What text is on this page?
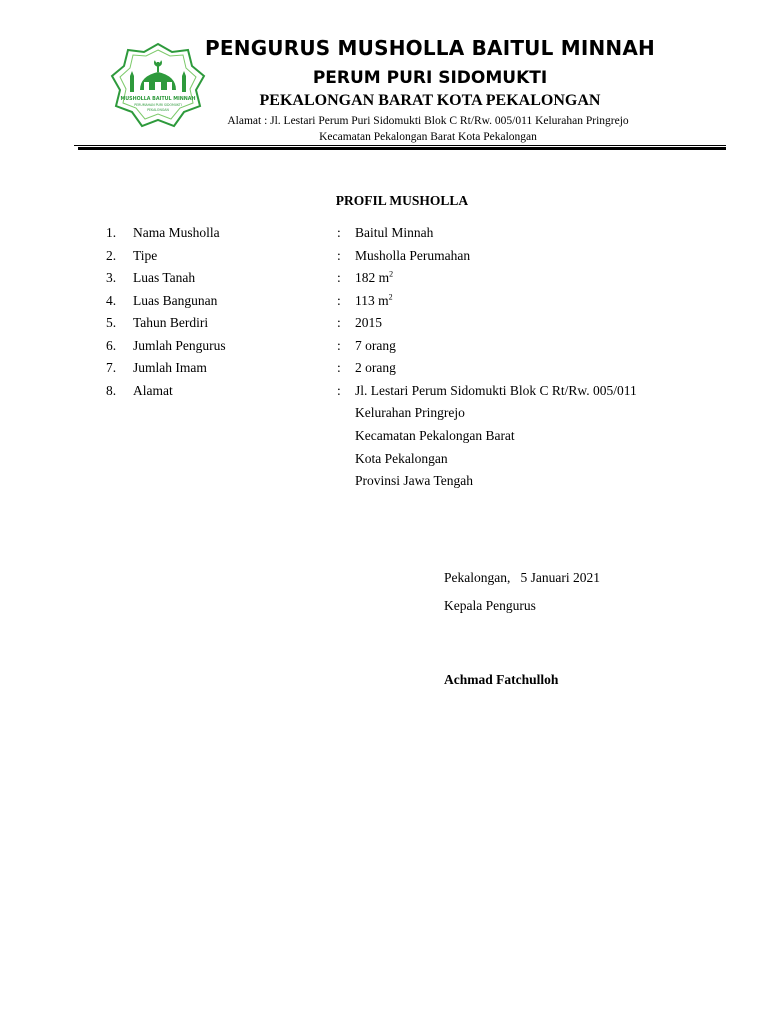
MUSHOLLA BAITUL MINNAH
PERUMAHAN PURI SIDOMUKTI
PEKALONGAN
PENGURUS MUSHOLLA BAITUL MINNAH
PERUM PURI SIDOMUKTI
PEKALONGAN BARAT KOTA PEKALONGAN
Alamat : Jl. Lestari Perum Puri Sidomukti Blok C Rt/Rw. 005/011 Kelurahan Pringrejo
Kecamatan Pekalongan Barat Kota Pekalongan
PROFIL MUSHOLLA
1. Nama Musholla	: Baitul Minnah
2. Tipe	: Musholla Perumahan
3. Luas Tanah	: 182 $m^2$
4. Luas Bangunan	: 113 $m^2$
5. Tahun Berdiri	: 2015
6. Jumlah Pengurus	: 7 orang
7. Jumlah Imam	: 2 orang
8. Alamat	: Jl. Lestari Perum Sidomukti Blok C Rt/Rw. 005/011
Kelurahan Pringrejo
Kecamatan Pekalongan Barat
Kota Pekalongan
Provinsi Jawa Tengah
Pekalongan,   5 Januari 2021
Kepala Pengurus
Achmad Fatchulloh
